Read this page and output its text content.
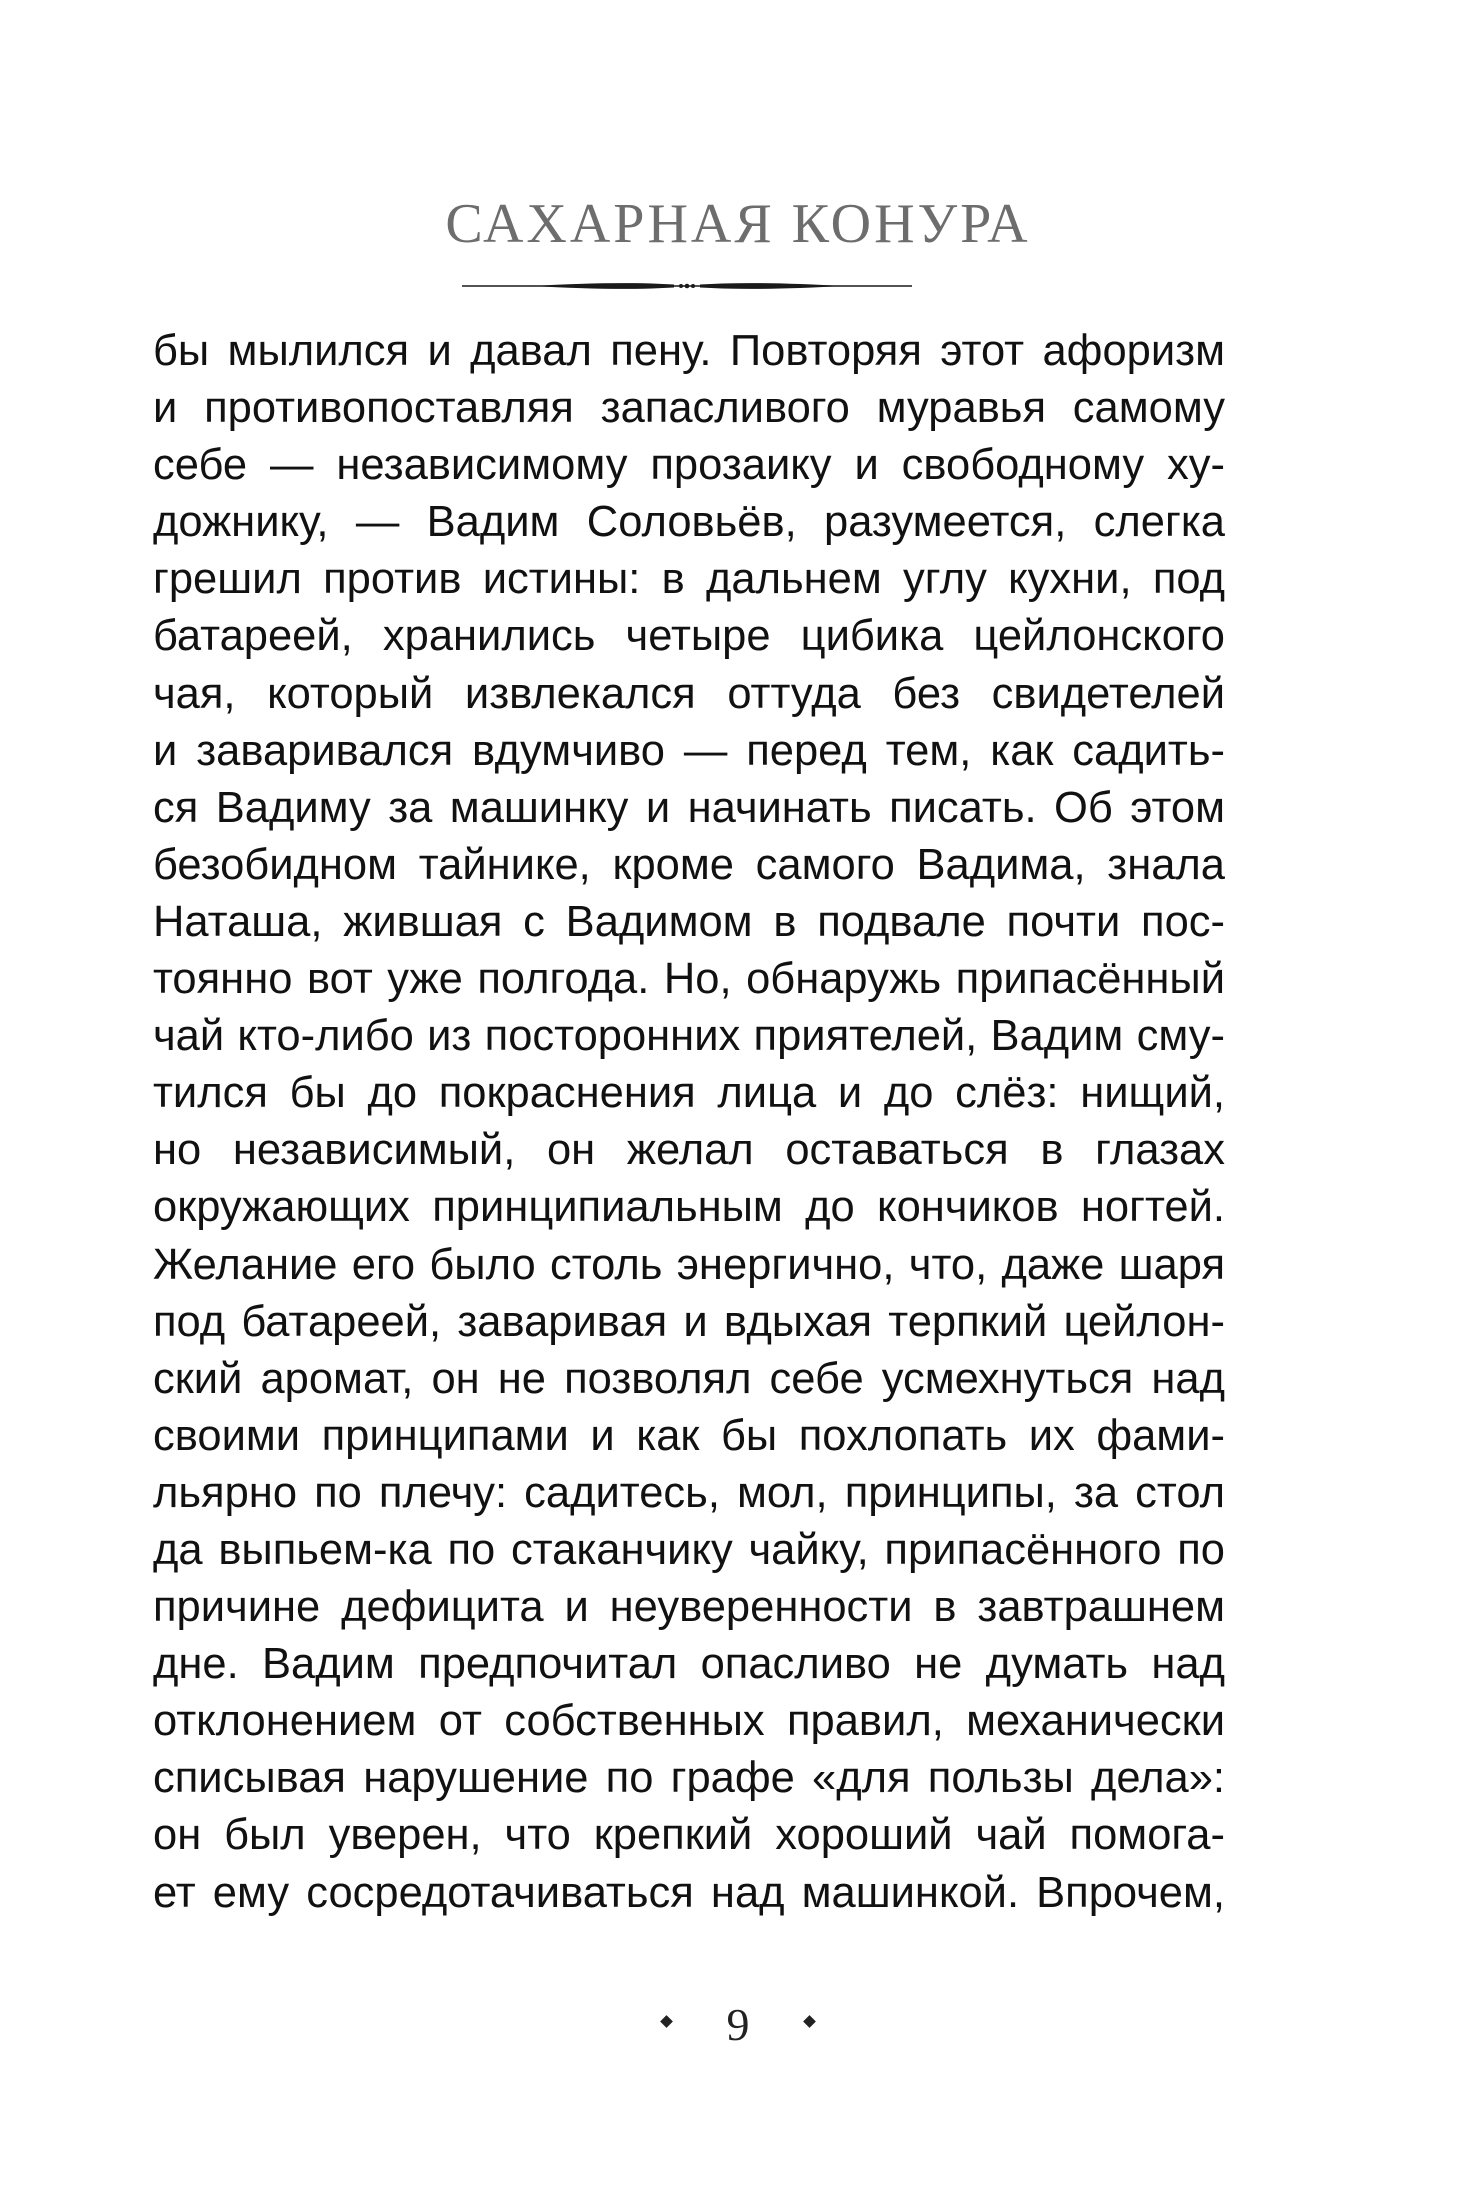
САХАРНАЯ КОНУРА
бы мылился и давал пену. Повторяя этот афоризм
и противопоставляя запасливого муравья самому
себе — независимому прозаику и свободному ху-
дожнику, — Вадим Соловьёв, разумеется, слегка
грешил против истины: в дальнем углу кухни, под
батареей, хранились четыре цибика цейлонского
чая, который извлекался оттуда без свидетелей
и заваривался вдумчиво — перед тем, как садить-
ся Вадиму за машинку и начинать писать. Об этом
безобидном тайнике, кроме самого Вадима, знала
Наташа, жившая с Вадимом в подвале почти пос-
тоянно вот уже полгода. Но, обнаружь припасённый
чай кто-либо из посторонних приятелей, Вадим сму-
тился бы до покраснения лица и до слёз: нищий,
но независимый, он желал оставаться в глазах
окружающих принципиальным до кончиков ногтей.
Желание его было столь энергично, что, даже шаря
под батареей, заваривая и вдыхая терпкий цейлон-
ский аромат, он не позволял себе усмехнуться над
своими принципами и как бы похлопать их фами-
льярно по плечу: садитесь, мол, принципы, за стол
да выпьем-ка по стаканчику чайку, припасённого по
причине дефицита и неуверенности в завтрашнем
дне. Вадим предпочитал опасливо не думать над
отклонением от собственных правил, механически
списывая нарушение по графе «для пользы дела»:
он был уверен, что крепкий хороший чай помога-
ет ему сосредотачиваться над машинкой. Впрочем,
9
